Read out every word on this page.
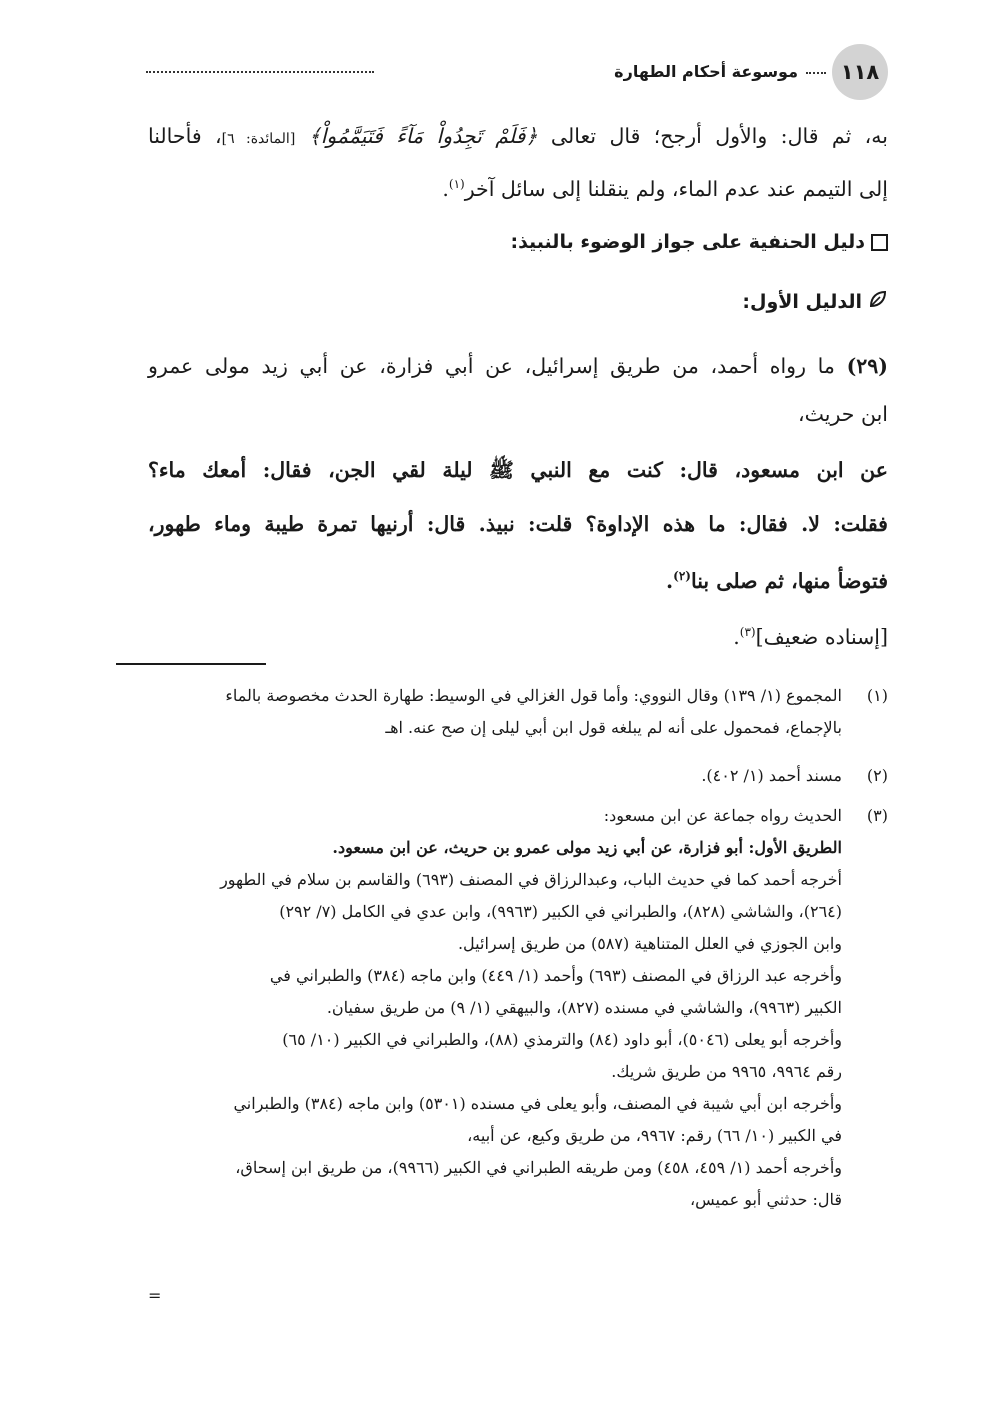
١١٨
موسوعة أحكام الطهارة
به، ثم قال: والأول أرجح؛ قال تعالى ﴿فَلَمْ تَجِدُواْ مَآءً فَتَيَمَّمُواْ﴾ [المائدة: ٦]، فأحالنا
إلى التيمم عند عدم الماء، ولم ينقلنا إلى سائل آخر$^{(١)}$.
دليل الحنفية على جواز الوضوء بالنبيذ:
الدليل الأول:
(٢٩) ما رواه أحمد، من طريق إسرائيل، عن أبي فزارة، عن أبي زيد مولى عمرو
ابن حريث،
عن ابن مسعود، قال: كنت مع النبي ﷺ ليلة لقي الجن، فقال: أمعك ماء؟
فقلت: لا. فقال: ما هذه الإداوة؟ قلت: نبيذ. قال: أرنيها تمرة طيبة وماء طهور،
فتوضأ منها، ثم صلى بنا$^{(٢)}$.
[إسناده ضعيف]$^{(٣)}$.
(١)
المجموع (١/ ١٣٩) وقال النووي: وأما قول الغزالي في الوسيط: طهارة الحدث مخصوصة بالماء
بالإجماع، فمحمول على أنه لم يبلغه قول ابن أبي ليلى إن صح عنه. اهـ
(٢)
مسند أحمد (١/ ٤٠٢).
(٣)
الحديث رواه جماعة عن ابن مسعود:
الطريق الأول: أبو فزارة، عن أبي زيد مولى عمرو بن حريث، عن ابن مسعود.
أخرجه أحمد كما في حديث الباب، وعبدالرزاق في المصنف (٦٩٣) والقاسم بن سلام في الطهور
(٢٦٤)، والشاشي (٨٢٨)، والطبراني في الكبير (٩٩٦٣)، وابن عدي في الكامل (٧/ ٢٩٢)
وابن الجوزي في العلل المتناهية (٥٨٧) من طريق إسرائيل.
وأخرجه عبد الرزاق في المصنف (٦٩٣) وأحمد (١/ ٤٤٩) وابن ماجه (٣٨٤) والطبراني في
الكبير (٩٩٦٣)، والشاشي في مسنده (٨٢٧)، والبيهقي (١/ ٩) من طريق سفيان.
وأخرجه أبو يعلى (٥٠٤٦)، أبو داود (٨٤) والترمذي (٨٨)، والطبراني في الكبير (١٠/ ٦٥)
رقم ٩٩٦٤، ٩٩٦٥ من طريق شريك.
وأخرجه ابن أبي شيبة في المصنف، وأبو يعلى في مسنده (٥٣٠١) وابن ماجه (٣٨٤) والطبراني
في الكبير (١٠/ ٦٦) رقم: ٩٩٦٧، من طريق وكيع، عن أبيه،
وأخرجه أحمد (١/ ٤٥٩، ٤٥٨) ومن طريقه الطبراني في الكبير (٩٩٦٦)، من طريق ابن إسحاق،
قال: حدثني أبو عميس،
=
